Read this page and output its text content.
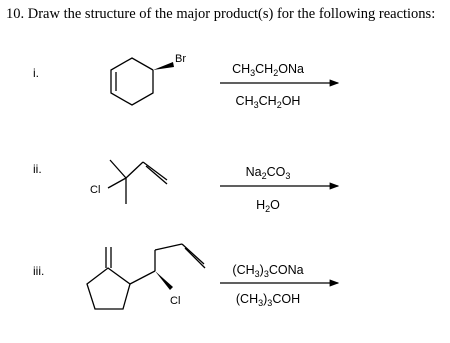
10. Draw the structure of the major product(s) for the following reactions:
i.
ii.
iii.
$CH_3CH_2ONa$
$CH_3CH_2OH$
$Na_2CO_3$
$H_2O$
$(CH_3)_3CONa$
$(CH_3)_3COH$
Br
Cl
Cl
